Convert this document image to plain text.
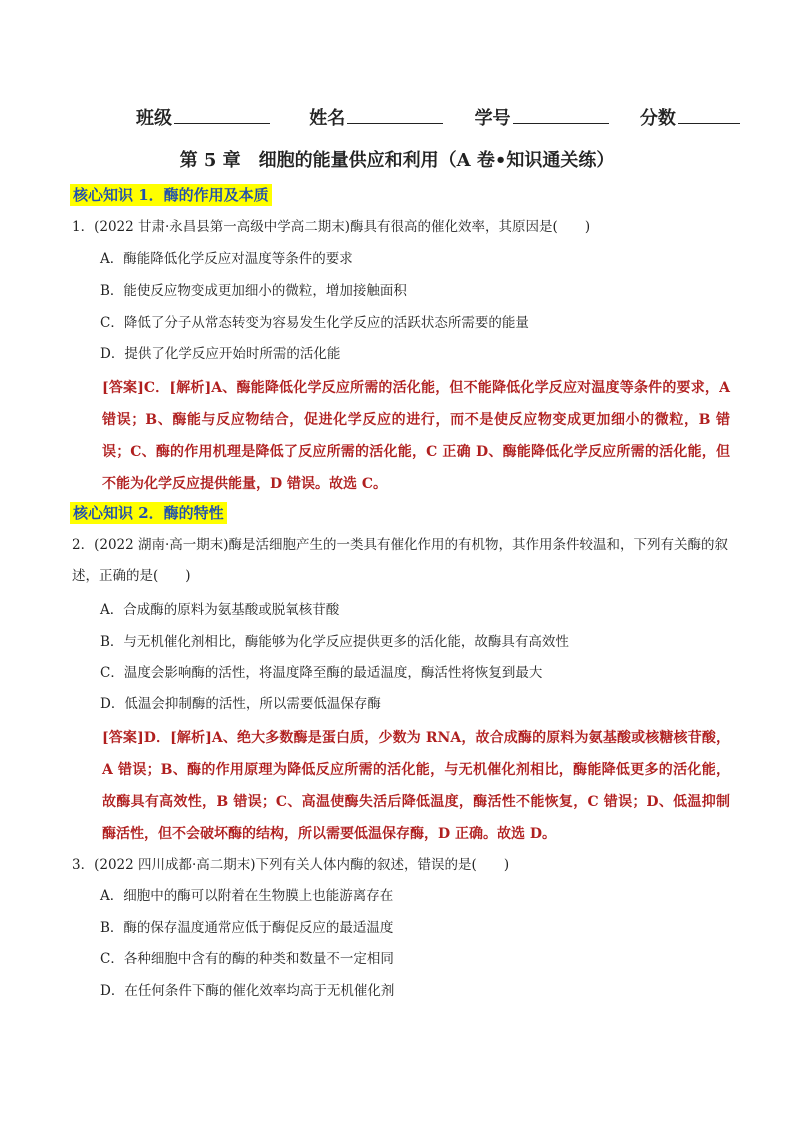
班级	姓名	学号	分数
第 5 章　细胞的能量供应和利用（A 卷•知识通关练）
核心知识 1．酶的作用及本质
1．(2022 甘肃·永昌县第一高级中学高二期末)酶具有很高的催化效率，其原因是(　　)
A．酶能降低化学反应对温度等条件的要求
B．能使反应物变成更加细小的微粒，增加接触面积
C．降低了分子从常态转变为容易发生化学反应的活跃状态所需要的能量
D．提供了化学反应开始时所需的活化能
[答案]C．[解析]A、酶能降低化学反应所需的活化能，但不能降低化学反应对温度等条件的要求，A 错误；B、酶能与反应物结合，促进化学反应的进行，而不是使反应物变成更加细小的微粒，B 错误；C、酶的作用机理是降低了反应所需的活化能，C 正确 D、酶能降低化学反应所需的活化能，但不能为化学反应提供能量，D 错误。故选 C。
核心知识 2．酶的特性
2．(2022 湖南·高一期末)酶是活细胞产生的一类具有催化作用的有机物，其作用条件较温和，下列有关酶的叙述，正确的是(　　)
A．合成酶的原料为氨基酸或脱氧核苷酸
B．与无机催化剂相比，酶能够为化学反应提供更多的活化能，故酶具有高效性
C．温度会影响酶的活性，将温度降至酶的最适温度，酶活性将恢复到最大
D．低温会抑制酶的活性，所以需要低温保存酶
[答案]D．[解析]A、绝大多数酶是蛋白质，少数为 RNA，故合成酶的原料为氨基酸或核糖核苷酸，A 错误；B、酶的作用原理为降低反应所需的活化能，与无机催化剂相比，酶能降低更多的活化能，故酶具有高效性，B 错误；C、高温使酶失活后降低温度，酶活性不能恢复，C 错误；D、低温抑制酶活性，但不会破坏酶的结构，所以需要低温保存酶，D 正确。故选 D。
3．(2022 四川成都·高二期末)下列有关人体内酶的叙述，错误的是(　　)
A．细胞中的酶可以附着在生物膜上也能游离存在
B．酶的保存温度通常应低于酶促反应的最适温度
C．各种细胞中含有的酶的种类和数量不一定相同
D．在任何条件下酶的催化效率均高于无机催化剂
